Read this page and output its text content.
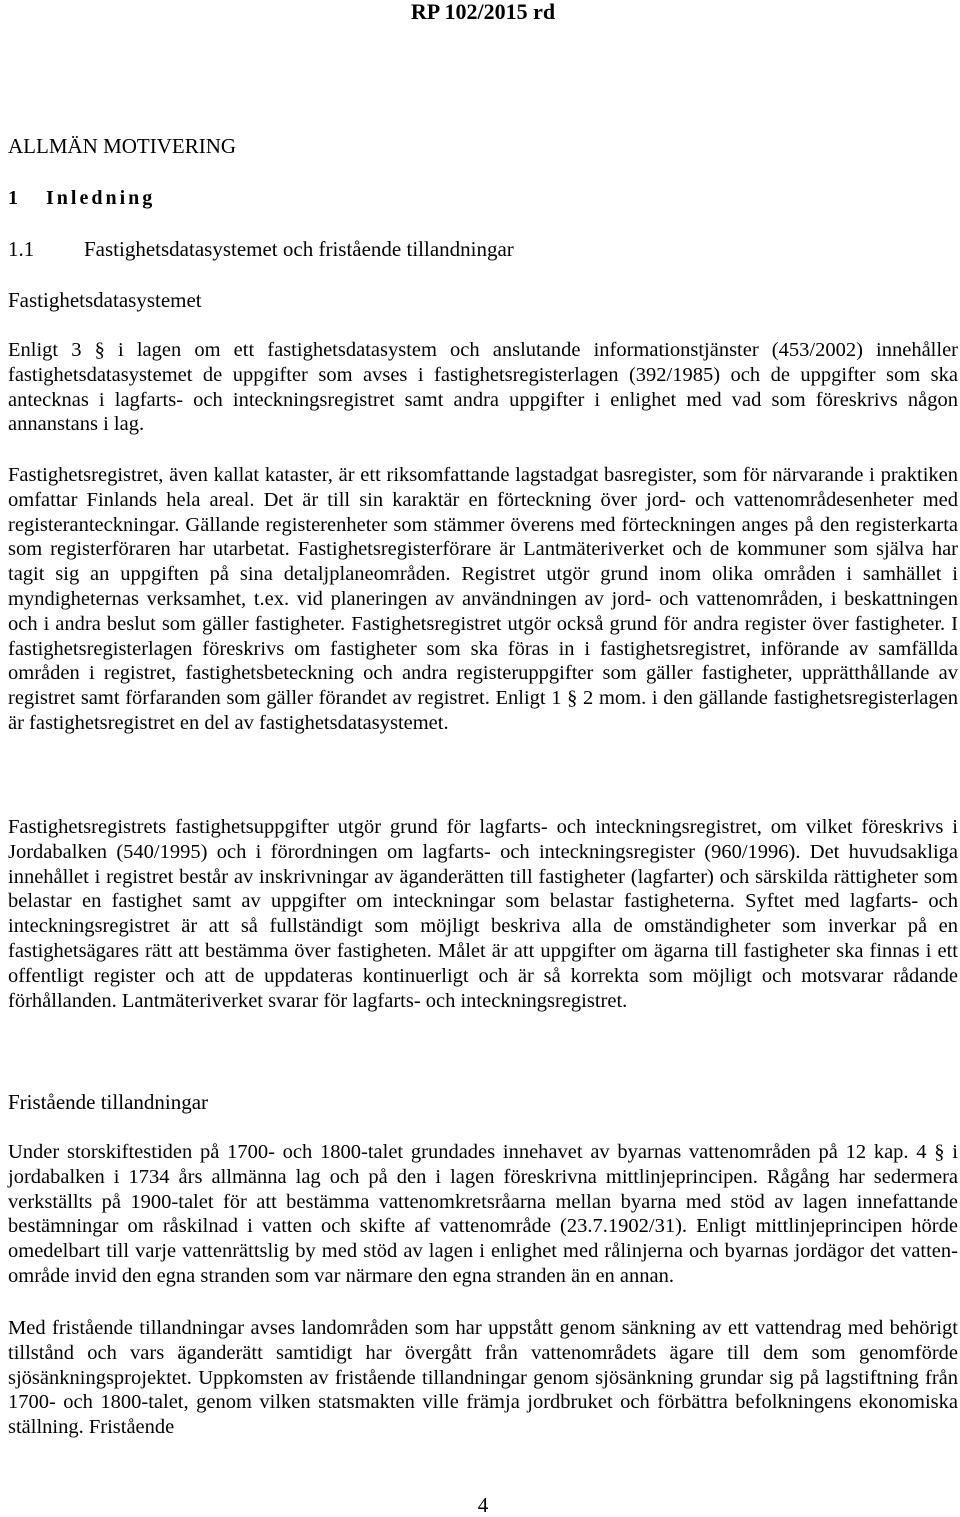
RP 102/2015 rd
ALLMÄN MOTIVERING
1 Inledning
1.1 Fastighetsdatasystemet och fristående tillandningar
Fastighetsdatasystemet

Enligt 3 § i lagen om ett fastighetsdatasystem och anslutande informationstjänster (453/2002) innehåller fastighetsdatasystemet de uppgifter som avses i fastighetsregisterlagen (392/1985) och de uppgifter som ska antecknas i lagfarts- och inteckningsregistret samt andra uppgifter i enlighet med vad som föreskrivs någon annanstans i lag.

Fastighetsregistret, även kallat kataster, är ett riksomfattande lagstadgat basregister, som för närvarande i praktiken omfattar Finlands hela areal. Det är till sin karaktär en förteckning över jord- och vattenområdesenheter med registeranteckningar. Gällande registerenheter som stämmer överens med förteckningen anges på den registerkarta som registerföraren har utarbetat. Fastighetsregisterförare är Lantmäteriverket och de kommuner som själva har tagit sig an uppgiften på sina detaljplaneområden. Registret utgör grund inom olika områden i samhället i myndigheternas verksamhet, t.ex. vid planeringen av användningen av jord- och vattenområden, i beskattningen och i andra beslut som gäller fastigheter. Fastighetsregistret utgör också grund för andra register över fastigheter. I fastighetsregisterlagen föreskrivs om fastigheter som ska föras in i fastighetsregistret, införande av samfällda områden i registret, fastighetsbeteckning och andra registeruppgifter som gäller fastigheter, upprätthållande av registret samt förfaranden som gäller förandet av registret. Enligt 1 § 2 mom. i den gällande fastighetsregisterlagen är fastighetsregistret en del av fastighetsdatasystemet.

Fastighetsregistrets fastighetsuppgifter utgör grund för lagfarts- och inteckningsregistret, om vilket föreskrivs i Jordabalken (540/1995) och i förordningen om lagfarts- och inteckningsregister (960/1996). Det huvudsakliga innehållet i registret består av inskrivningar av äganderätten till fastigheter (lagfarter) och särskilda rättigheter som belastar en fastighet samt av uppgifter om inteckningar som belastar fastigheterna. Syftet med lagfarts- och inteckningsregistret är att så fullständigt som möjligt beskriva alla de omständigheter som inverkar på en fastighetsägares rätt att bestämma över fastigheten. Målet är att uppgifter om ägarna till fastigheter ska finnas i ett offentligt register och att de uppdateras kontinuerligt och är så korrekta som möjligt och motsvarar rådande förhållanden. Lantmäteriverket svarar för lagfarts- och inteckningsregistret.

Fristående tillandningar

Under storskiftestiden på 1700- och 1800-talet grundades innehavet av byarnas vattenområden på 12 kap. 4 § i jordabalken i 1734 års allmänna lag och på den i lagen föreskrivna mittlinjeprincipen. Rågång har sedermera verkställts på 1900-talet för att bestämma vattenomkretsråarna mellan byarna med stöd av lagen innefattande bestämningar om råskilnad i vatten och skifte af vattenområde (23.7.1902/31). Enligt mittlinjeprincipen hörde omedelbart till varje vattenrättslig by med stöd av lagen i enlighet med rålinjerna och byarnas jordägor det vattenområde invid den egna stranden som var närmare den egna stranden än en annan.

Med fristående tillandningar avses landområden som har uppstått genom sänkning av ett vattendrag med behörigt tillstånd och vars äganderätt samtidigt har övergått från vattenområdets ägare till dem som genomförde sjösänkningsprojektet. Uppkomsten av fristående tillandningar genom sjösänkning grundar sig på lagstiftning från 1700- och 1800-talet, genom vilken statsmakten ville främja jordbruket och förbättra befolkningens ekonomiska ställning. Fristående

4
